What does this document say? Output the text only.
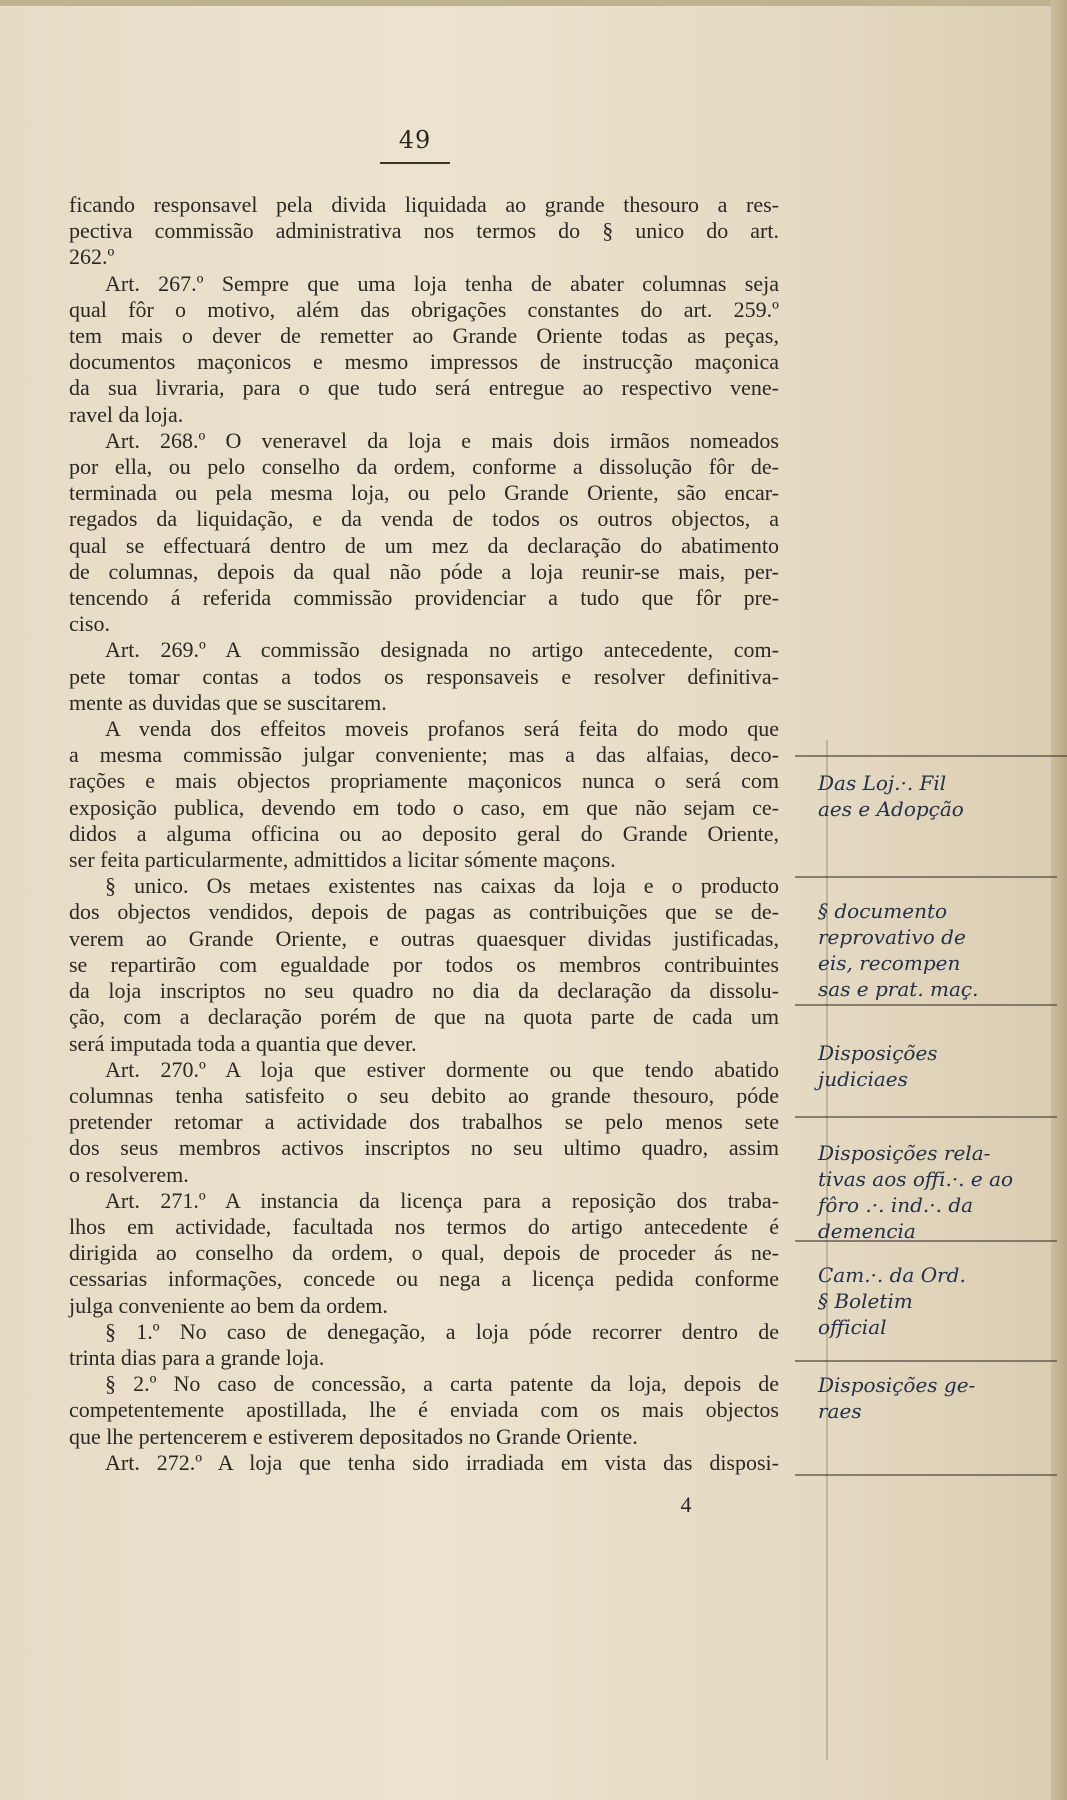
49
ficando responsavel pela divida liquidada ao grande thesouro a res-
pectiva commissão administrativa nos termos do § unico do art.
262.º
Art. 267.º Sempre que uma loja tenha de abater columnas seja
qual fôr o motivo, além das obrigações constantes do art. 259.º
tem mais o dever de remetter ao Grande Oriente todas as peças,
documentos maçonicos e mesmo impressos de instrucção maçonica
da sua livraria, para o que tudo será entregue ao respectivo vene-
ravel da loja.
Art. 268.º O veneravel da loja e mais dois irmãos nomeados
por ella, ou pelo conselho da ordem, conforme a dissolução fôr de-
terminada ou pela mesma loja, ou pelo Grande Oriente, são encar-
regados da liquidação, e da venda de todos os outros objectos, a
qual se effectuará dentro de um mez da declaração do abatimento
de columnas, depois da qual não póde a loja reunir-se mais, per-
tencendo á referida commissão providenciar a tudo que fôr pre-
ciso.
Art. 269.º A commissão designada no artigo antecedente, com-
pete tomar contas a todos os responsaveis e resolver definitiva-
mente as duvidas que se suscitarem.
A venda dos effeitos moveis profanos será feita do modo que
a mesma commissão julgar conveniente; mas a das alfaias, deco-
rações e mais objectos propriamente maçonicos nunca o será com
exposição publica, devendo em todo o caso, em que não sejam ce-
didos a alguma officina ou ao deposito geral do Grande Oriente,
ser feita particularmente, admittidos a licitar sómente maçons.
§ unico. Os metaes existentes nas caixas da loja e o producto
dos objectos vendidos, depois de pagas as contribuições que se de-
verem ao Grande Oriente, e outras quaesquer dividas justificadas,
se repartirão com egualdade por todos os membros contribuintes
da loja inscriptos no seu quadro no dia da declaração da dissolu-
ção, com a declaração porém de que na quota parte de cada um
será imputada toda a quantia que dever.
Art. 270.º A loja que estiver dormente ou que tendo abatido
columnas tenha satisfeito o seu debito ao grande thesouro, póde
pretender retomar a actividade dos trabalhos se pelo menos sete
dos seus membros activos inscriptos no seu ultimo quadro, assim
o resolverem.
Art. 271.º A instancia da licença para a reposição dos traba-
lhos em actividade, facultada nos termos do artigo antecedente é
dirigida ao conselho da ordem, o qual, depois de proceder ás ne-
cessarias informações, concede ou nega a licença pedida conforme
julga conveniente ao bem da ordem.
§ 1.º No caso de denegação, a loja póde recorrer dentro de
trinta dias para a grande loja.
§ 2.º No caso de concessão, a carta patente da loja, depois de
competentemente apostillada, lhe é enviada com os mais objectos
que lhe pertencerem e estiverem depositados no Grande Oriente.
Art. 272.º A loja que tenha sido irradiada em vista das disposi-
4
Das Loj.·. Fil
aes e Adopção
§ documento
reprovativo de
eis, recompen
sas e prat. maç.
Disposições
judiciaes
Disposições rela-
tivas aos offi.·. e ao
fôro .·. ind.·. da
demencia
Cam.·. da Ord.
§ Boletim
official
Disposições ge-
raes
